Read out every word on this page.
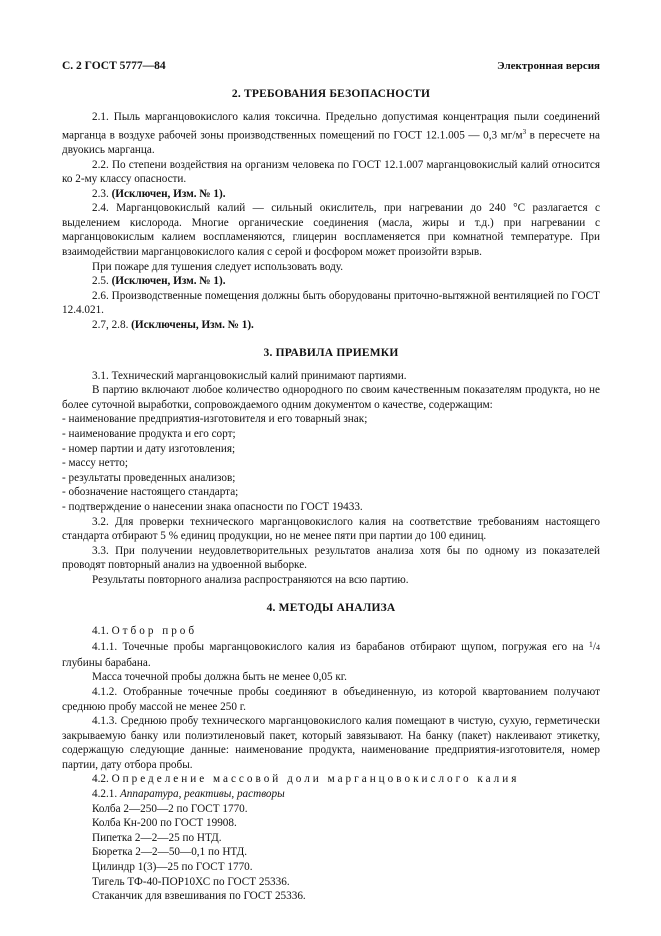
С. 2 ГОСТ 5777—84	Электронная версия
2. ТРЕБОВАНИЯ БЕЗОПАСНОСТИ

2.1. Пыль марганцовокислого калия токсична. Предельно допустимая концентрация пыли соединений марганца в воздухе рабочей зоны производственных помещений по ГОСТ 12.1.005 — 0,3 $мг/м^3$ в пересчете на двуокись марганца.

2.2. По степени воздействия на организм человека по ГОСТ 12.1.007 марганцовокислый калий относится ко 2-му классу опасности.

2.3. (Исключен, Изм. № 1).

2.4. Марганцовокислый калий — сильный окислитель, при нагревании до 240 °С разлагается с выделением кислорода. Многие органические соединения (масла, жиры и т.д.) при нагревании с марганцовокислым калием воспламеняются, глицерин воспламеняется при комнатной температуре. При взаимодействии марганцовокислого калия с серой и фосфором может произойти взрыв.

При пожаре для тушения следует использовать воду.

2.5. (Исключен, Изм. № 1).

2.6. Производственные помещения должны быть оборудованы приточно-вытяжной вентиляцией по ГОСТ 12.4.021.

2.7, 2.8. (Исключены, Изм. № 1).

3. ПРАВИЛА ПРИЕМКИ

3.1. Технический марганцовокислый калий принимают партиями.

В партию включают любое количество однородного по своим качественным показателям продукта, но не более суточной выработки, сопровождаемого одним документом о качестве, содержащим:

- наименование предприятия-изготовителя и его товарный знак;

- наименование продукта и его сорт;

- номер партии и дату изготовления;

- массу нетто;

- результаты проведенных анализов;

- обозначение настоящего стандарта;

- подтверждение о нанесении знака опасности по ГОСТ 19433.

3.2. Для проверки технического марганцовокислого калия на соответствие требованиям настоящего стандарта отбирают 5 % единиц продукции, но не менее пяти при партии до 100 единиц.

3.3. При получении неудовлетворительных результатов анализа хотя бы по одному из показателей проводят повторный анализ на удвоенной выборке.

Результаты повторного анализа распространяются на всю партию.

4. МЕТОДЫ АНАЛИЗА

4.1. Отбор проб

4.1.1. Точечные пробы марганцовокислого калия из барабанов отбирают щупом, погружая его на $^1$/4 глубины барабана.

Масса точечной пробы должна быть не менее 0,05 кг.

4.1.2. Отобранные точечные пробы соединяют в объединенную, из которой квартованием получают среднюю пробу массой не менее 250 г.

4.1.3. Среднюю пробу технического марганцовокислого калия помещают в чистую, сухую, герметически закрываемую банку или полиэтиленовый пакет, который завязывают. На банку (пакет) наклеивают этикетку, содержащую следующие данные: наименование продукта, наименование предприятия-изготовителя, номер партии, дату отбора пробы.

4.2. Определение массовой доли марганцовокислого калия

4.2.1. Аппаратура, реактивы, растворы

Колба 2—250—2 по ГОСТ 1770.

Колба Кн-200 по ГОСТ 19908.

Пипетка 2—2—25 по НТД.

Бюретка 2—2—50—0,1 по НТД.

Цилиндр 1(3)—25 по ГОСТ 1770.

Тигель ТФ-40-ПОР10ХС по ГОСТ 25336.

Стаканчик для взвешивания по ГОСТ 25336.
